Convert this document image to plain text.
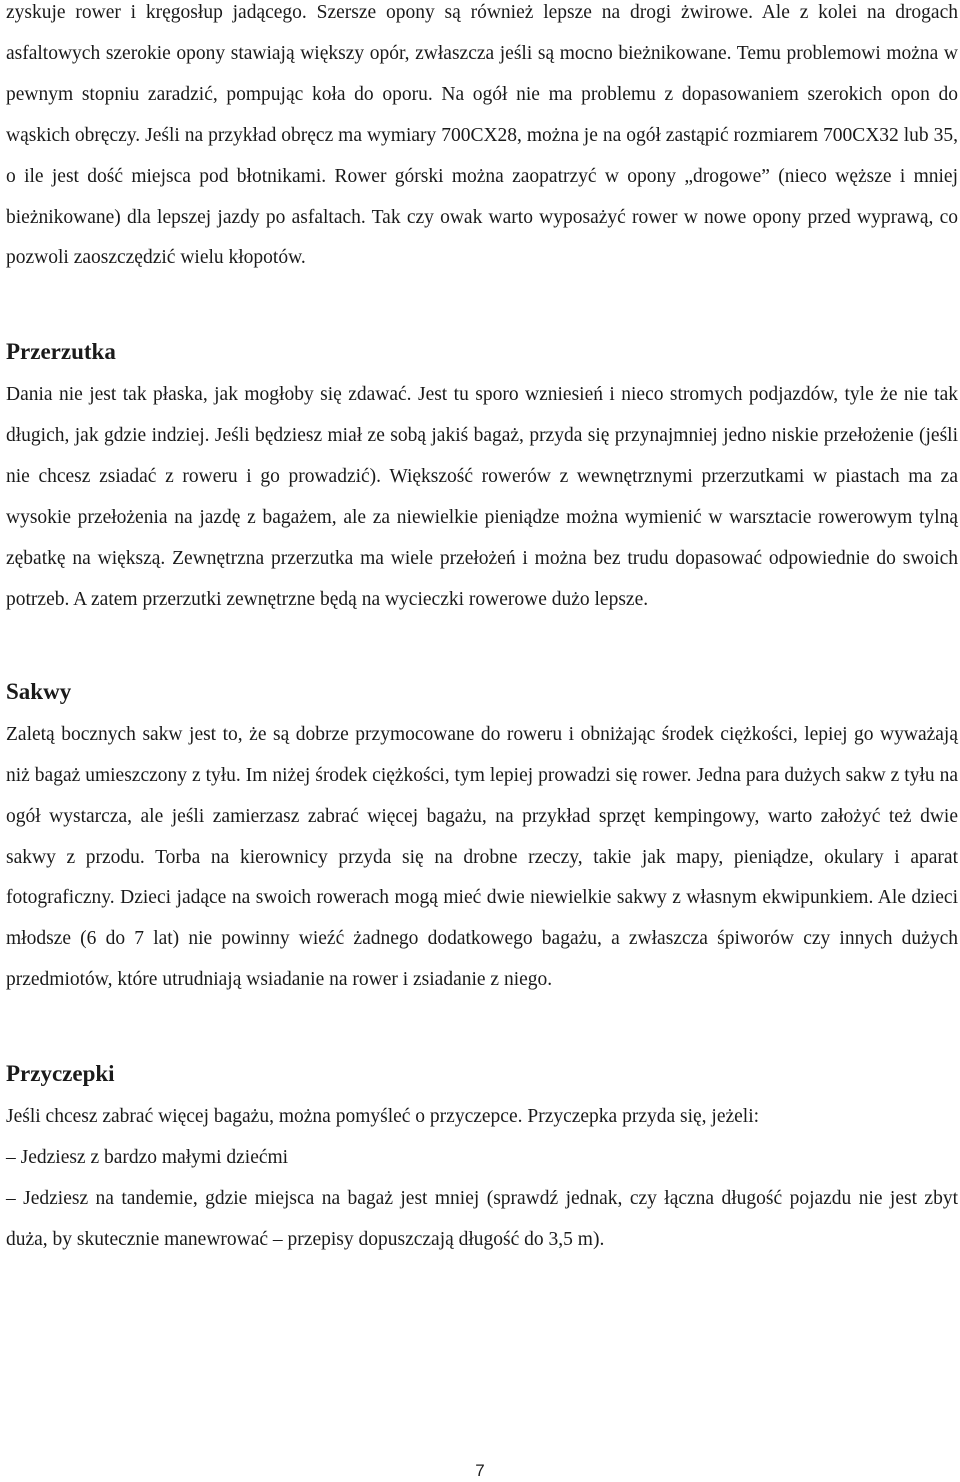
zyskuje rower i kręgosłup jadącego. Szersze opony są również lepsze na drogi żwirowe. Ale z kolei na drogach asfaltowych szerokie opony stawiają większy opór, zwłaszcza jeśli są mocno bieżnikowane. Temu problemowi można w pewnym stopniu zaradzić, pompując koła do oporu. Na ogół nie ma problemu z dopasowaniem szerokich opon do wąskich obręczy. Jeśli na przykład obręcz ma wymiary 700CX28, można je na ogół zastąpić rozmiarem 700CX32 lub 35, o ile jest dość miejsca pod błotnikami. Rower górski można zaopatrzyć w opony „drogowe” (nieco węższe i mniej bieżnikowane) dla lepszej jazdy po asfaltach. Tak czy owak warto wyposażyć rower w nowe opony przed wyprawą, co pozwoli zaoszczędzić wielu kłopotów.

Przerzutka

Dania nie jest tak płaska, jak mogłoby się zdawać. Jest tu sporo wzniesień i nieco stromych podjazdów, tyle że nie tak długich, jak gdzie indziej. Jeśli będziesz miał ze sobą jakiś bagaż, przyda się przynajmniej jedno niskie przełożenie (jeśli nie chcesz zsiadać z roweru i go prowadzić). Większość rowerów z wewnętrznymi przerzutkami w piastach ma za wysokie przełożenia na jazdę z bagażem, ale za niewielkie pieniądze można wymienić w warsztacie rowerowym tylną zębatkę na większą. Zewnętrzna przerzutka ma wiele przełożeń i można bez trudu dopasować odpowiednie do swoich potrzeb. A zatem przerzutki zewnętrzne będą na wycieczki rowerowe dużo lepsze.

Sakwy

Zaletą bocznych sakw jest to, że są dobrze przymocowane do roweru i obniżając środek ciężkości, lepiej go wyważają niż bagaż umieszczony z tyłu. Im niżej środek ciężkości, tym lepiej prowadzi się rower. Jedna para dużych sakw z tyłu na ogół wystarcza, ale jeśli zamierzasz zabrać więcej bagażu, na przykład sprzęt kempingowy, warto założyć też dwie sakwy z przodu. Torba na kierownicy przyda się na drobne rzeczy, takie jak mapy, pieniądze, okulary i aparat fotograficzny. Dzieci jadące na swoich rowerach mogą mieć dwie niewielkie sakwy z własnym ekwipunkiem. Ale dzieci młodsze (6 do 7 lat) nie powinny wieźć żadnego dodatkowego bagażu, a zwłaszcza śpiworów czy innych dużych przedmiotów, które utrudniają wsiadanie na rower i zsiadanie z niego.

Przyczepki

Jeśli chcesz zabrać więcej bagażu, można pomyśleć o przyczepce. Przyczepka przyda się, jeżeli:

– Jedziesz z bardzo małymi dziećmi

– Jedziesz na tandemie, gdzie miejsca na bagaż jest mniej (sprawdź jednak, czy łączna długość pojazdu nie jest zbyt duża, by skutecznie manewrować – przepisy dopuszczają długość do 3,5 m).

7
